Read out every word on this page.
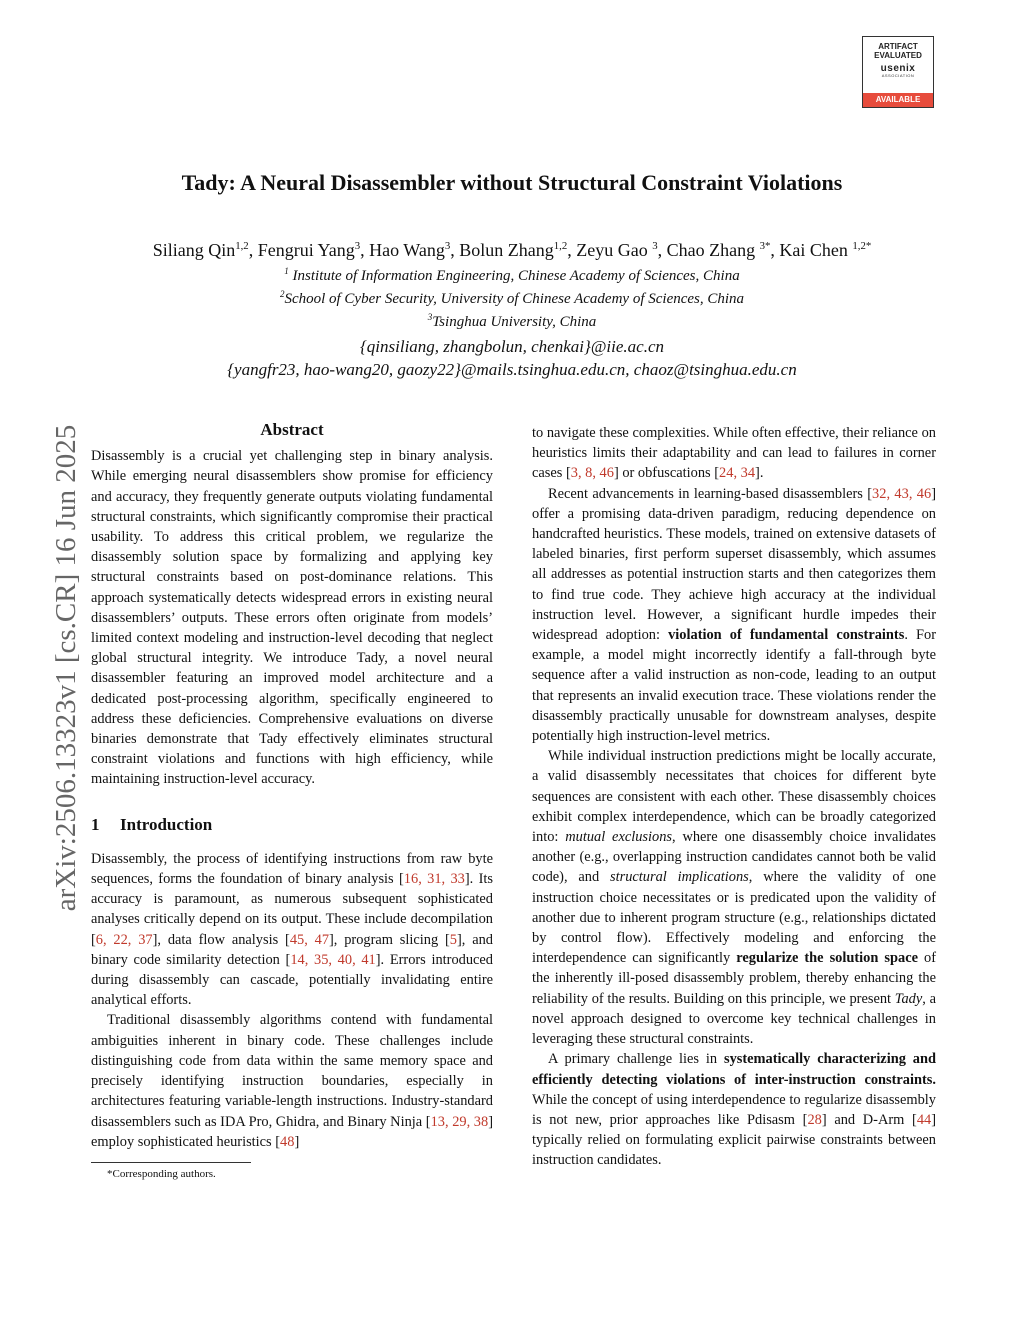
ARTIFACT
EVALUATED
usenix
ASSOCIATION
AVAILABLE
arXiv:2506.13323v1 [cs.CR] 16 Jun 2025
Tady: A Neural Disassembler without Structural Constraint Violations
Siliang Qin$^{1,2}$, Fengrui Yang$^3$, Hao Wang$^3$, Bolun Zhang$^{1,2}$, Zeyu Gao $^3$, Chao Zhang $^{3*}$, Kai Chen $^{1,2*}$
$^1$ Institute of Information Engineering, Chinese Academy of Sciences, China
$^2$School of Cyber Security, University of Chinese Academy of Sciences, China
$^3$Tsinghua University, China
{qinsiliang, zhangbolun, chenkai}@iie.ac.cn
{yangfr23, hao-wang20, gaozy22}@mails.tsinghua.edu.cn, chaoz@tsinghua.edu.cn
Abstract

Disassembly is a crucial yet challenging step in binary analysis. While emerging neural disassemblers show promise for efficiency and accuracy, they frequently generate outputs violating fundamental structural constraints, which significantly compromise their practical usability. To address this critical problem, we regularize the disassembly solution space by formalizing and applying key structural constraints based on post-dominance relations. This approach systematically detects widespread errors in existing neural disassemblers’ outputs. These errors often originate from models’ limited context modeling and instruction-level decoding that neglect global structural integrity. We introduce Tady, a novel neural disassembler featuring an improved model architecture and a dedicated post-processing algorithm, specifically engineered to address these deficiencies. Comprehensive evaluations on diverse binaries demonstrate that Tady effectively eliminates structural constraint violations and functions with high efficiency, while maintaining instruction-level accuracy.

1 Introduction

Disassembly, the process of identifying instructions from raw byte sequences, forms the foundation of binary analysis [16, 31, 33]. Its accuracy is paramount, as numerous subsequent sophisticated analyses critically depend on its output. These include decompilation [6, 22, 37], data flow analysis [45, 47], program slicing [5], and binary code similarity detection [14, 35, 40, 41]. Errors introduced during disassembly can cascade, potentially invalidating entire analytical efforts.

Traditional disassembly algorithms contend with fundamental ambiguities inherent in binary code. These challenges include distinguishing code from data within the same memory space and precisely identifying instruction boundaries, especially in architectures featuring variable-length instructions. Industry-standard disassemblers such as IDA Pro, Ghidra, and Binary Ninja [13, 29, 38] employ sophisticated heuristics [48]

*Corresponding authors.

to navigate these complexities. While often effective, their reliance on heuristics limits their adaptability and can lead to failures in corner cases [3, 8, 46] or obfuscations [24, 34].

Recent advancements in learning-based disassemblers [32, 43, 46] offer a promising data-driven paradigm, reducing dependence on handcrafted heuristics. These models, trained on extensive datasets of labeled binaries, first perform superset disassembly, which assumes all addresses as potential instruction starts and then categorizes them to find true code. They achieve high accuracy at the individual instruction level. However, a significant hurdle impedes their widespread adoption: violation of fundamental constraints. For example, a model might incorrectly identify a fall-through byte sequence after a valid instruction as non-code, leading to an output that represents an invalid execution trace. These violations render the disassembly practically unusable for downstream analyses, despite potentially high instruction-level metrics.

While individual instruction predictions might be locally accurate, a valid disassembly necessitates that choices for different byte sequences are consistent with each other. These disassembly choices exhibit complex interdependence, which can be broadly categorized into: mutual exclusions, where one disassembly choice invalidates another (e.g., overlapping instruction candidates cannot both be valid code), and structural implications, where the validity of one instruction choice necessitates or is predicated upon the validity of another due to inherent program structure (e.g., relationships dictated by control flow). Effectively modeling and enforcing the interdependence can significantly regularize the solution space of the inherently ill-posed disassembly problem, thereby enhancing the reliability of the results. Building on this principle, we present Tady, a novel approach designed to overcome key technical challenges in leveraging these structural constraints.

A primary challenge lies in systematically characterizing and efficiently detecting violations of inter-instruction constraints. While the concept of using interdependence to regularize disassembly is not new, prior approaches like Pdisasm [28] and D-Arm [44] typically relied on formulating explicit pairwise constraints between instruction candidates.
